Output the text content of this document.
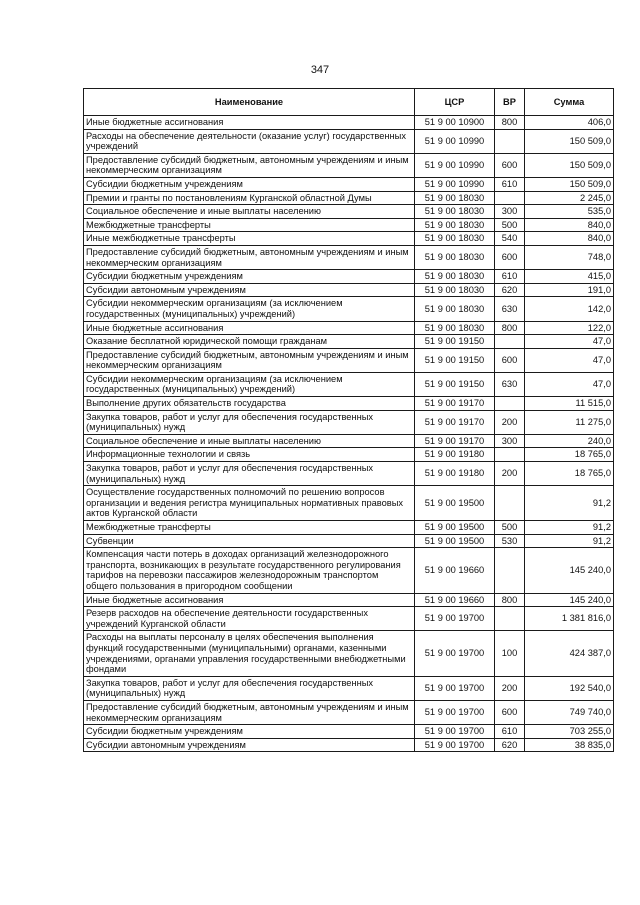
347
Наименование	ЦСР	ВР	Сумма
Иные бюджетные ассигнования	51 9 00 10900	800	406,0
Расходы на обеспечение деятельности (оказание услуг) государственных учреждений	51 9 00 10990		150 509,0
Предоставление субсидий бюджетным, автономным учреждениям и иным некоммерческим организациям	51 9 00 10990	600	150 509,0
Субсидии бюджетным учреждениям	51 9 00 10990	610	150 509,0
Премии и гранты по постановлениям Курганской областной Думы	51 9 00 18030		2 245,0
Социальное обеспечение и иные выплаты населению	51 9 00 18030	300	535,0
Межбюджетные трансферты	51 9 00 18030	500	840,0
Иные межбюджетные трансферты	51 9 00 18030	540	840,0
Предоставление субсидий бюджетным, автономным учреждениям и иным некоммерческим организациям	51 9 00 18030	600	748,0
Субсидии бюджетным учреждениям	51 9 00 18030	610	415,0
Субсидии автономным учреждениям	51 9 00 18030	620	191,0
Субсидии некоммерческим организациям (за исключением государственных (муниципальных) учреждений)	51 9 00 18030	630	142,0
Иные бюджетные ассигнования	51 9 00 18030	800	122,0
Оказание бесплатной юридической помощи гражданам	51 9 00 19150		47,0
Предоставление субсидий бюджетным, автономным учреждениям и иным некоммерческим организациям	51 9 00 19150	600	47,0
Субсидии некоммерческим организациям (за исключением государственных (муниципальных) учреждений)	51 9 00 19150	630	47,0
Выполнение других обязательств государства	51 9 00 19170		11 515,0
Закупка товаров, работ и услуг для обеспечения государственных (муниципальных) нужд	51 9 00 19170	200	11 275,0
Социальное обеспечение и иные выплаты населению	51 9 00 19170	300	240,0
Информационные технологии и связь	51 9 00 19180		18 765,0
Закупка товаров, работ и услуг для обеспечения государственных (муниципальных) нужд	51 9 00 19180	200	18 765,0
Осуществление государственных полномочий по решению вопросов организации и ведения регистра муниципальных нормативных правовых актов Курганской области	51 9 00 19500		91,2
Межбюджетные трансферты	51 9 00 19500	500	91,2
Субвенции	51 9 00 19500	530	91,2
Компенсация части потерь в доходах организаций железнодорожного транспорта, возникающих в результате государственного регулирования тарифов на перевозки пассажиров железнодорожным транспортом общего пользования в пригородном сообщении	51 9 00 19660		145 240,0
Иные бюджетные ассигнования	51 9 00 19660	800	145 240,0
Резерв расходов на обеспечение деятельности государственных учреждений Курганской области	51 9 00 19700		1 381 816,0
Расходы на выплаты персоналу в целях обеспечения выполнения функций государственными (муниципальными) органами, казенными учреждениями, органами управления государственными внебюджетными фондами	51 9 00 19700	100	424 387,0
Закупка товаров, работ и услуг для обеспечения государственных (муниципальных) нужд	51 9 00 19700	200	192 540,0
Предоставление субсидий бюджетным, автономным учреждениям и иным некоммерческим организациям	51 9 00 19700	600	749 740,0
Субсидии бюджетным учреждениям	51 9 00 19700	610	703 255,0
Субсидии автономным учреждениям	51 9 00 19700	620	38 835,0
